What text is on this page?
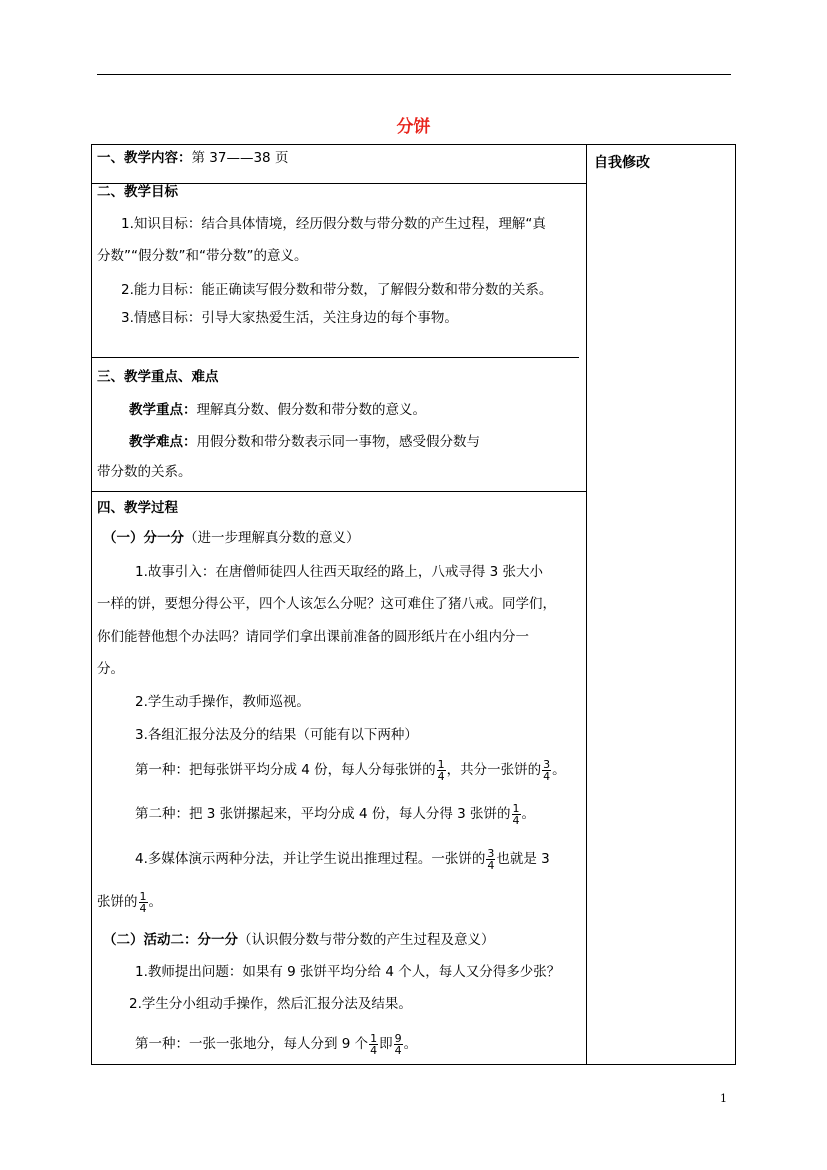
分饼
自我修改
一、教学内容：第 37——38 页
二、教学目标
1.知识目标：结合具体情境，经历假分数与带分数的产生过程，理解“真
分数”“假分数”和“带分数”的意义。
2.能力目标：能正确读写假分数和带分数，了解假分数和带分数的关系。
3.情感目标：引导大家热爱生活，关注身边的每个事物。
三、教学重点、难点
教学重点：理解真分数、假分数和带分数的意义。
教学难点：用假分数和带分数表示同一事物，感受假分数与
带分数的关系。
四、教学过程
（一）分一分（进一步理解真分数的意义）
1.故事引入：在唐僧师徒四人往西天取经的路上，八戒寻得 3 张大小
一样的饼，要想分得公平，四个人该怎么分呢？这可难住了猪八戒。同学们，
你们能替他想个办法吗？请同学们拿出课前准备的圆形纸片在小组内分一
分。
2.学生动手操作，教师巡视。
3.各组汇报分法及分的结果（可能有以下两种）
第一种：把每张饼平均分成 4 份，每人分每张饼的 $\frac{1}{4}$ ，共分一张饼的 $\frac{3}{4}$ 。
第二种：把 3 张饼摞起来，平均分成 4 份，每人分得 3 张饼的 $\frac{1}{4}$ 。
4.多媒体演示两种分法，并让学生说出推理过程。一张饼的 $\frac{3}{4}$ 也就是 3
张饼的 $\frac{1}{4}$ 。
（二）活动二：分一分（认识假分数与带分数的产生过程及意义）
1.教师提出问题：如果有 9 张饼平均分给 4 个人，每人又分得多少张？
2.学生分小组动手操作，然后汇报分法及结果。
第一种：一张一张地分，每人分到 9 个 $\frac{1}{4}$ 即 $\frac{9}{4}$ 。
1
